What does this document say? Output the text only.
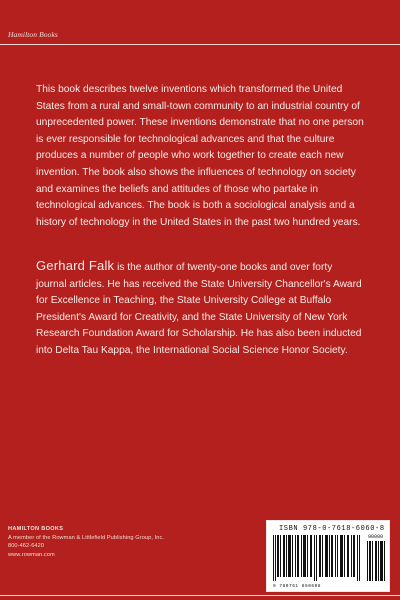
Hamilton Books

This book describes twelve inventions which transformed the United States from a rural and small-town community to an industrial country of unprecedented power. These inventions demonstrate that no one person is ever responsible for technological advances and that the culture produces a number of people who work together to create each new invention. The book also shows the influences of technology on society and examines the beliefs and attitudes of those who partake in technological advances. The book is both a sociological analysis and a history of technology in the United States in the past two hundred years.

Gerhard Falk is the author of twenty-one books and over forty journal articles. He has received the State University Chancellor's Award for Excellence in Teaching, the State University College at Buffalo President's Award for Creativity, and the State University of New York Research Foundation Award for Scholarship. He has also been inducted into Delta Tau Kappa, the International Social Science Honor Society.

HAMILTON BOOKS
A member of the Rowman & Littlefield Publishing Group, Inc.
800-462-6420
www.rowman.com
ISBN 978-0-7618-6060-8
90000
9 780761 860608
